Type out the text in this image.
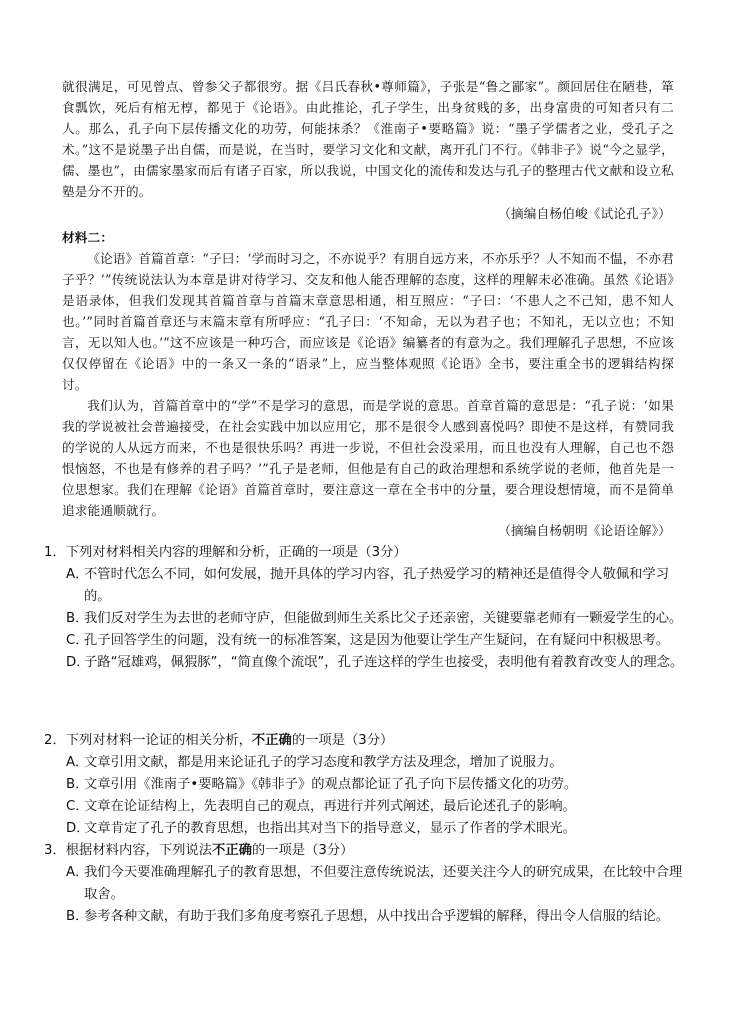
就很满足，可见曾点、曾参父子都很穷。据《吕氏春秋•尊师篇》，子张是“鲁之鄙家”。颜回居住在陋巷，箪食瓢饮，死后有棺无椁，都见于《论语》。由此推论，孔子学生，出身贫贱的多，出身富贵的可知者只有二人。那么，孔子向下层传播文化的功劳，何能抹杀？《淮南子•要略篇》说：“墨子学儒者之业，受孔子之术。”这不是说墨子出自儒，而是说，在当时，要学习文化和文献，离开孔门不行。《韩非子》说“今之显学，儒、墨也”，由儒家墨家而后有诸子百家，所以我说，中国文化的流传和发达与孔子的整理古代文献和设立私塾是分不开的。
（摘编自杨伯峻《试论孔子》）
材料二：
《论语》首篇首章：“子曰：‘学而时习之，不亦说乎？有朋自远方来，不亦乐乎？人不知而不愠，不亦君子乎？’”传统说法认为本章是讲对待学习、交友和他人能否理解的态度，这样的理解未必准确。虽然《论语》是语录体，但我们发现其首篇首章与首篇末章意思相通，相互照应：“子曰：‘不患人之不己知，患不知人也。’”同时首篇首章还与末篇末章有所呼应：“孔子曰：‘不知命，无以为君子也；不知礼，无以立也；不知言，无以知人也。’”这不应该是一种巧合，而应该是《论语》编纂者的有意为之。我们理解孔子思想，不应该仅仅停留在《论语》中的一条又一条的“语录”上，应当整体观照《论语》全书，要注重全书的逻辑结构探讨。
我们认为，首篇首章中的“学”不是学习的意思，而是学说的意思。首章首篇的意思是：“孔子说：‘如果我的学说被社会普遍接受，在社会实践中加以应用它，那不是很令人感到喜悦吗？即使不是这样，有赞同我的学说的人从远方而来，不也是很快乐吗？再进一步说，不但社会没采用，而且也没有人理解，自己也不怨恨恼怒，不也是有修养的君子吗？’”孔子是老师，但他是有自己的政治理想和系统学说的老师，他首先是一位思想家。我们在理解《论语》首篇首章时，要注意这一章在全书中的分量，要合理设想情境，而不是简单追求能通顺就行。
（摘编自杨朝明《论语诠解》）
1．下列对材料相关内容的理解和分析，正确的一项是（3分）
A．不管时代怎么不同，如何发展，抛开具体的学习内容，孔子热爱学习的精神还是值得令人敬佩和学习的。
B．我们反对学生为去世的老师守庐，但能做到师生关系比父子还亲密，关键要靠老师有一颗爱学生的心。
C．孔子回答学生的问题，没有统一的标准答案，这是因为他要让学生产生疑问，在有疑问中积极思考。
D．子路“冠雄鸡，佩猳豚”，“简直像个流氓”，孔子连这样的学生也接受，表明他有着教育改变人的理念。
2．下列对材料一论证的相关分析，不正确的一项是（3分）
A．文章引用文献，都是用来论证孔子的学习态度和教学方法及理念，增加了说服力。
B．文章引用《淮南子•要略篇》《韩非子》的观点都论证了孔子向下层传播文化的功劳。
C．文章在论证结构上，先表明自己的观点，再进行并列式阐述，最后论述孔子的影响。
D．文章肯定了孔子的教育思想，也指出其对当下的指导意义，显示了作者的学术眼光。
3．根据材料内容，下列说法不正确的一项是（3分）
A．我们今天要准确理解孔子的教育思想，不但要注意传统说法，还要关注今人的研究成果，在比较中合理取舍。
B．参考各种文献，有助于我们多角度考察孔子思想，从中找出合乎逻辑的解释，得出令人信服的结论。
